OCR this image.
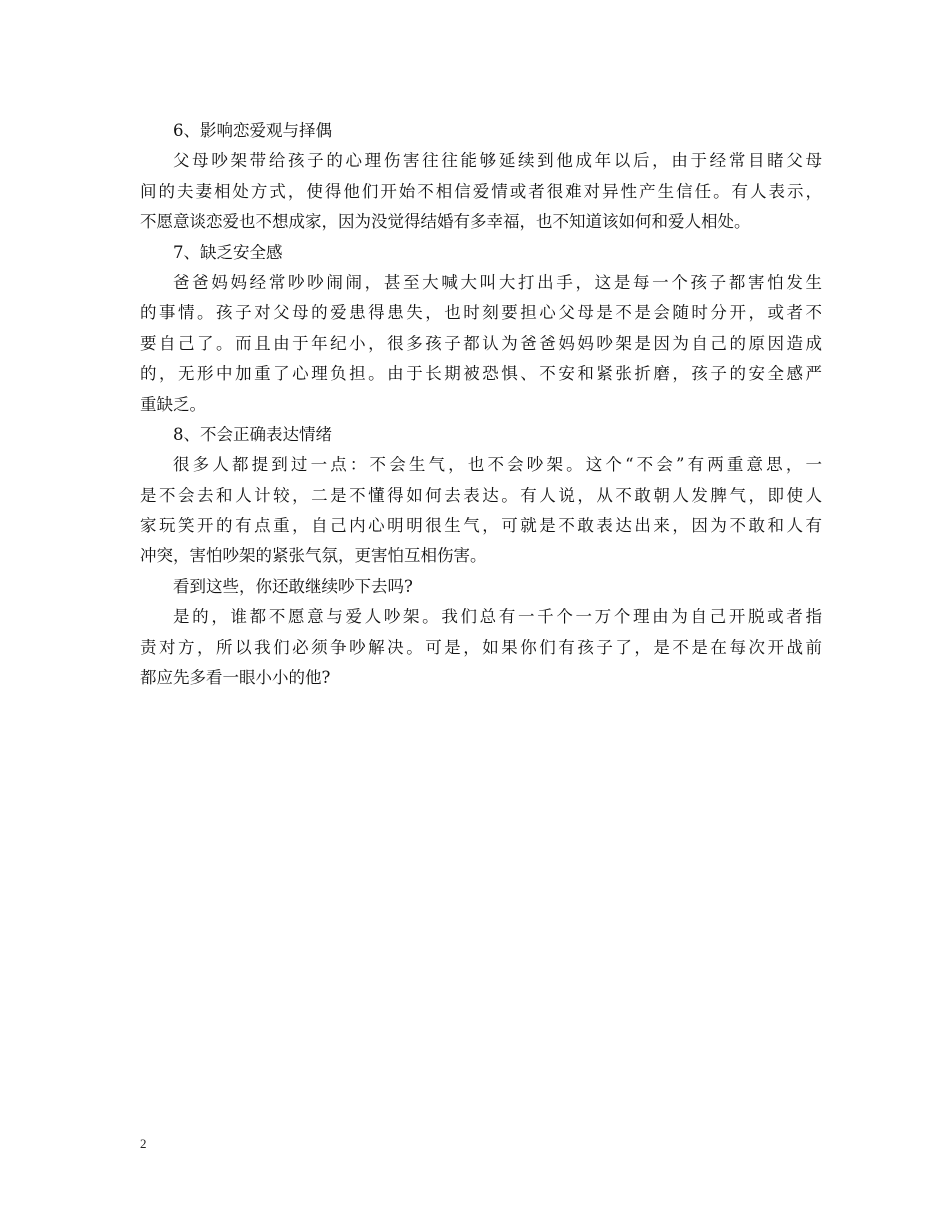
6、影响恋爱观与择偶
父母吵架带给孩子的心理伤害往往能够延续到他成年以后，由于经常目睹父母
间的夫妻相处方式，使得他们开始不相信爱情或者很难对异性产生信任。有人表示，
不愿意谈恋爱也不想成家，因为没觉得结婚有多幸福，也不知道该如何和爱人相处。
7、缺乏安全感
爸爸妈妈经常吵吵闹闹，甚至大喊大叫大打出手，这是每一个孩子都害怕发生
的事情。孩子对父母的爱患得患失，也时刻要担心父母是不是会随时分开，或者不
要自己了。而且由于年纪小，很多孩子都认为爸爸妈妈吵架是因为自己的原因造成
的，无形中加重了心理负担。由于长期被恐惧、不安和紧张折磨，孩子的安全感严
重缺乏。
8、不会正确表达情绪
很多人都提到过一点：不会生气，也不会吵架。这个“不会”有两重意思，一
是不会去和人计较，二是不懂得如何去表达。有人说，从不敢朝人发脾气，即使人
家玩笑开的有点重，自己内心明明很生气，可就是不敢表达出来，因为不敢和人有
冲突，害怕吵架的紧张气氛，更害怕互相伤害。
看到这些，你还敢继续吵下去吗?
是的，谁都不愿意与爱人吵架。我们总有一千个一万个理由为自己开脱或者指
责对方，所以我们必须争吵解决。可是，如果你们有孩子了，是不是在每次开战前
都应先多看一眼小小的他?
2
